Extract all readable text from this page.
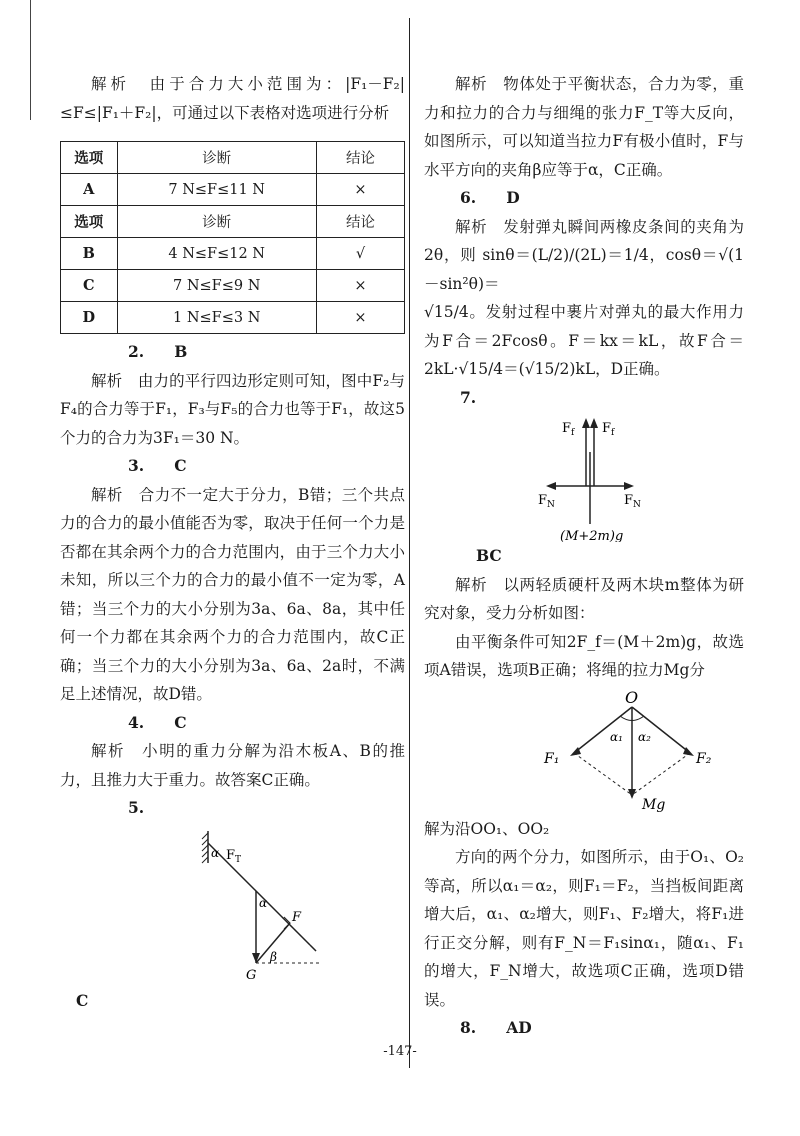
解析　由于合力大小范围为：|F₁－F₂|≤F≤|F₁＋F₂|，可通过以下表格对选项进行分析

选项	诊断	结论
A	7 N≤F≤11 N	×
选项	诊断	结论
B	4 N≤F≤12 N	√
C	7 N≤F≤9 N	×
D	1 N≤F≤3 N	×
2. B

解析　由力的平行四边形定则可知，图中F₂与F₄的合力等于F₁，F₃与F₅的合力也等于F₁，故这5个力的合力为3F₁＝30 N。

3. C

解析　合力不一定大于分力，B错；三个共点力的合力的最小值能否为零，取决于任何一个力是否都在其余两个力的合力范围内，由于三个力大小未知，所以三个力的合力的最小值不一定为零，A错；当三个力的大小分别为3a、6a、8a，其中任何一个力都在其余两个力的合力范围内，故C正确；当三个力的大小分别为3a、6a、2a时，不满足上述情况，故D错。

4. C

解析　小明的重力分解为沿木板A、B的推力，且推力大于重力。故答案C正确。

5.
$F_T$
α
α
F
β
G

C

解析　物体处于平衡状态，合力为零，重力和拉力的合力与细绳的张力F_T等大反向，如图所示，可以知道当拉力F有极小值时，F与水平方向的夹角β应等于α，C正确。

6. D

解析　发射弹丸瞬间两橡皮条间的夹角为2θ，则 sinθ＝(L/2)/(2L)＝1/4，cosθ＝√(1－sin²θ)＝

√15/4。发射过程中裹片对弹丸的最大作用力为F合＝2Fcosθ。F＝kx＝kL，故F合＝2kL·√15/4＝(√15/2)kL，D正确。

7.
$F_f$ $F_f$
$F_N$	$F_N$
(M+2m)g

BC

解析　以两轻质硬杆及两木块m整体为研究对象，受力分析如图：

由平衡条件可知2F_f＝(M＋2m)g，故选项A错误，选项B正确；将绳的拉力Mg分

O
α₁ α₂
F₁	F₂
Mg

解为沿OO₁、OO₂

方向的两个分力，如图所示，由于O₁、O₂等高，所以α₁＝α₂，则F₁＝F₂，当挡板间距离增大后，α₁、α₂增大，则F₁、F₂增大，将F₁进行正交分解，则有F_N＝F₁sinα₁，随α₁、F₁的增大，F_N增大，故选项C正确，选项D错误。

8. AD
-147-
